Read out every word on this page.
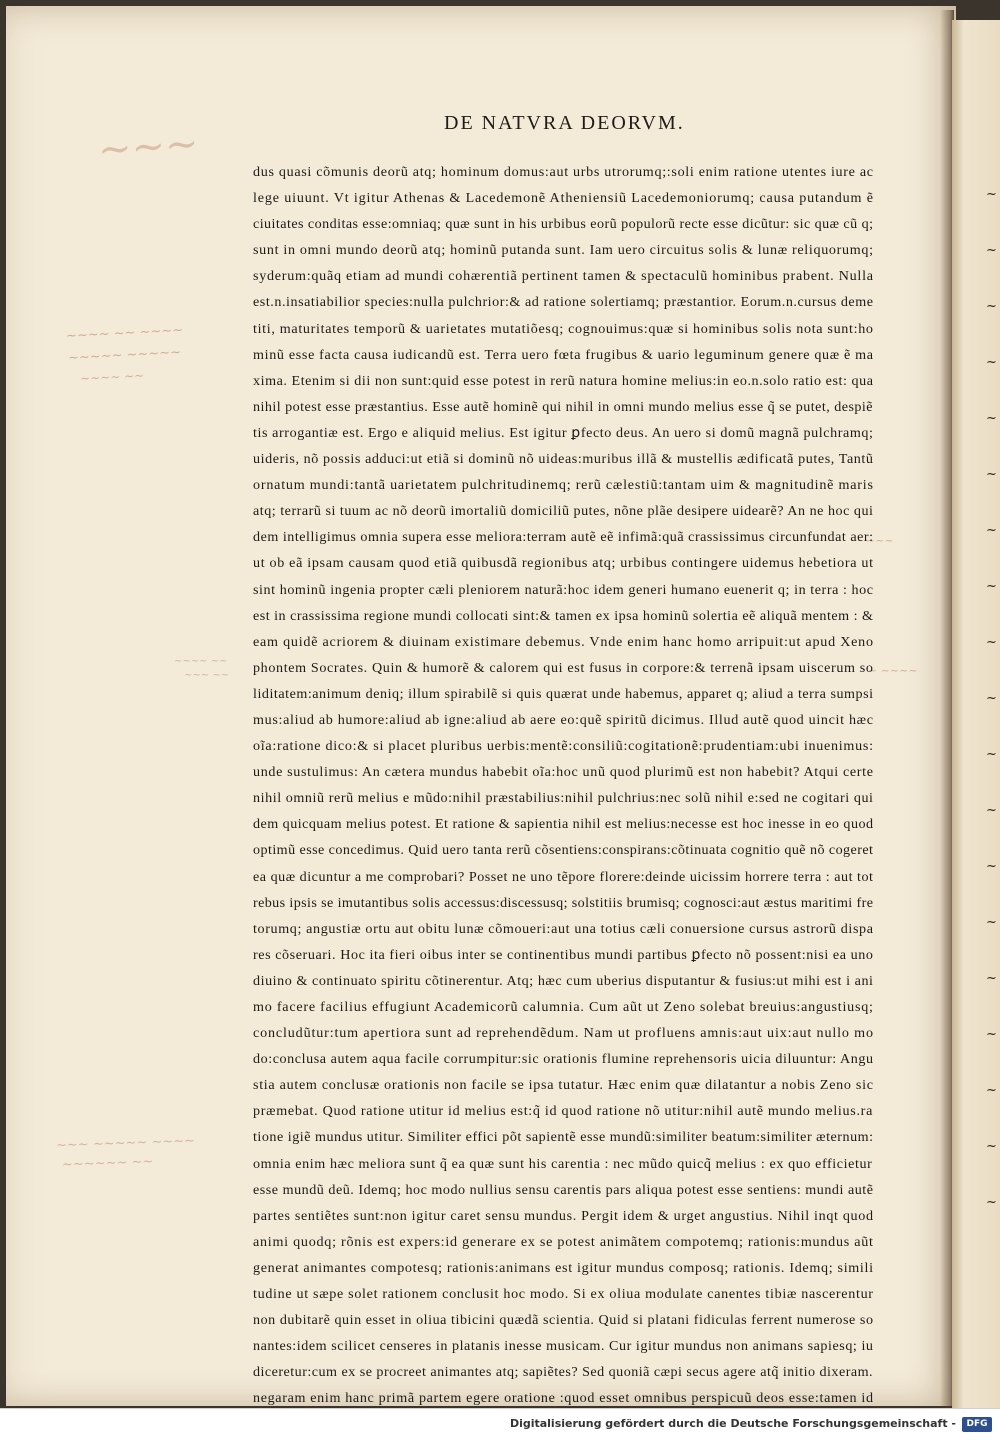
DE NATVRA DEORVM.
~~~
~~~~ ~~ ~~~~
~~~~~ ~~~~~
~~~~ ~~
~~~
~~~~ ~~
~~~ ~~	~ ~~~~
~~~ ~~~~~ ~~~~
~~~~~~ ~~
dus quasi cõmunis deorũ atq; hominum domus:aut urbs utrorumq;:soli enim ratione utentes iure ac
lege uiuunt. Vt igitur Athenas & Lacedemonẽ Atheniensiũ Lacedemoniorumq; causa putandum ẽ
ciuitates conditas esse:omniaq; quæ sunt in his urbibus eorũ populorũ recte esse dicũtur: sic quæ cũ q;
sunt in omni mundo deorũ atq; hominũ putanda sunt. Iam uero circuitus solis & lunæ reliquorumq;
syderum:quãq etiam ad mundi cohærentiã pertinent tamen & spectaculũ hominibus prabent. Nulla
est.n.insatiabilior species:nulla pulchrior:& ad ratione solertiamq; præstantior. Eorum.n.cursus deme
titi, maturitates temporũ & uarietates mutatiõesq; cognouimus:quæ si hominibus solis nota sunt:ho
minũ esse facta causa iudicandũ est. Terra uero fœta frugibus & uario leguminum genere quæ ẽ ma
xima. Etenim si dii non sunt:quid esse potest in rerũ natura homine melius:in eo.n.solo ratio est: qua
nihil potest esse præstantius. Esse autẽ hominẽ qui nihil in omni mundo melius esse q̃ se putet, despiẽ
tis arrogantiæ est. Ergo e aliquid melius. Est igitur ꝑfecto deus. An uero si domũ magnã pulchramq;
uideris, nõ possis adduci:ut etiã si dominũ nõ uideas:muribus illã & mustellis ædificatã putes, Tantũ
ornatum mundi:tantã uarietatem pulchritudinemq; rerũ cælestiũ:tantam uim & magnitudinẽ maris
atq; terrarũ si tuum ac nõ deorũ imortaliũ domiciliũ putes, nõne plãe desipere uidearẽ? An ne hoc qui
dem intelligimus omnia supera esse meliora:terram autẽ eẽ infimã:quã crassissimus circunfundat aer:
ut ob eã ipsam causam quod etiã quibusdã regionibus atq; urbibus contingere uidemus hebetiora ut
sint hominũ ingenia propter cæli pleniorem naturã:hoc idem generi humano euenerit q; in terra : hoc
est in crassissima regione mundi collocati sint:& tamen ex ipsa hominũ solertia eẽ aliquã mentem : &
eam quidẽ acriorem & diuinam existimare debemus. Vnde enim hanc homo arripuit:ut apud Xeno
phontem Socrates. Quin & humorẽ & calorem qui est fusus in corpore:& terrenã ipsam uiscerum so
liditatem:animum deniq; illum spirabilẽ si quis quærat unde habemus, apparet q; aliud a terra sumpsi
mus:aliud ab humore:aliud ab igne:aliud ab aere eo:quẽ spiritũ dicimus. Illud autẽ quod uincit hæc
oĩa:ratione dico:& si placet pluribus uerbis:mentẽ:consiliũ:cogitationẽ:prudentiam:ubi inuenimus:
unde sustulimus: An cætera mundus habebit oĩa:hoc unũ quod plurimũ est non habebit? Atqui certe
nihil omniũ rerũ melius e mũdo:nihil præstabilius:nihil pulchrius:nec solũ nihil e:sed ne cogitari qui
dem quicquam melius potest. Et ratione & sapientia nihil est melius:necesse est hoc inesse in eo quod
optimũ esse concedimus. Quid uero tanta rerũ cõsentiens:conspirans:cõtinuata cognitio quẽ nõ cogeret
ea quæ dicuntur a me comprobari? Posset ne uno tẽpore florere:deinde uicissim horrere terra : aut tot
rebus ipsis se imutantibus solis accessus:discessusq; solstitiis brumisq; cognosci:aut æstus maritimi fre
torumq; angustiæ ortu aut obitu lunæ cõmoueri:aut una totius cæli conuersione cursus astrorũ dispa
res cõseruari. Hoc ita fieri oibus inter se continentibus mundi partibus ꝑfecto nõ possent:nisi ea uno
diuino & continuato spiritu cõtinerentur. Atq; hæc cum uberius disputantur & fusius:ut mihi est i ani
mo facere facilius effugiunt Academicorũ calumnia. Cum aũt ut Zeno solebat breuius:angustiusq;
concludũtur:tum apertiora sunt ad reprehendẽdum. Nam ut profluens amnis:aut uix:aut nullo mo
do:conclusa autem aqua facile corrumpitur:sic orationis flumine reprehensoris uicia diluuntur: Angu
stia autem conclusæ orationis non facile se ipsa tutatur. Hæc enim quæ dilatantur a nobis Zeno sic
præmebat. Quod ratione utitur id melius est:q̃ id quod ratione nõ utitur:nihil autẽ mundo melius.ra
tione igiẽ mundus utitur. Similiter effici põt sapientẽ esse mundũ:similiter beatum:similiter æternum:
omnia enim hæc meliora sunt q̃ ea quæ sunt his carentia : nec mũdo quicq̃ melius : ex quo efficietur
esse mundũ deũ. Idemq; hoc modo nullius sensu carentis pars aliqua potest esse sentiens: mundi autẽ
partes sentiẽtes sunt:non igitur caret sensu mundus. Pergit idem & urget angustius. Nihil inqt quod
animi quodq; rõnis est expers:id generare ex se potest animãtem compotemq; rationis:mundus aũt
generat animantes compotesq; rationis:animans est igitur mundus composq; rationis. Idemq; simili
tudine ut sæpe solet rationem conclusit hoc modo. Si ex oliua modulate canentes tibiæ nascerentur
non dubitarẽ quin esset in oliua tibicini quædã scientia. Quid si platani fidiculas ferrent numerose so
nantes:idem scilicet censeres in platanis inesse musicam. Cur igitur mundus non animans sapiesq; iu
diceretur:cum ex se procreet animantes atq; sapiẽtes? Sed quoniã cæpi secus agere atq̃ initio dixeram.
negaram enim hanc primã partem egere oratione :quod esset omnibus perspicuũ deos esse:tamen id
~
~
~
~
~
~
~
~
~
~
~
~
~
~
~
~
~
~
~
Digitalisierung gefördert durch die Deutsche Forschungsgemeinschaft -	DFG
